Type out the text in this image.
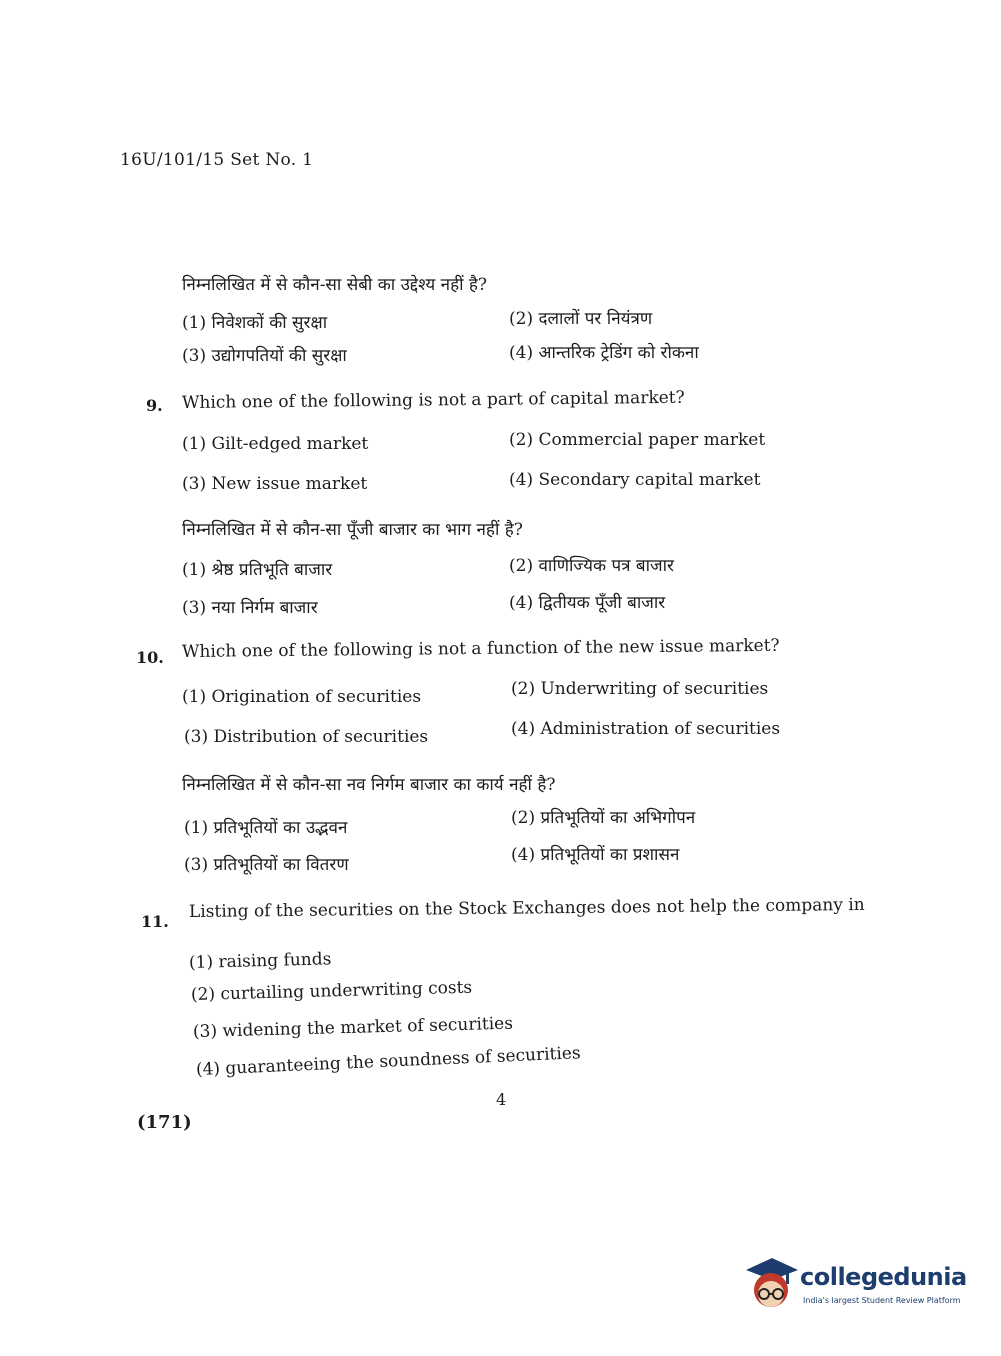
16U/101/15 Set No. 1
निम्नलिखित में से कौन-सा सेबी का उद्देश्य नहीं है?
(1) निवेशकों की सुरक्षा	(2) दलालों पर नियंत्रण
(3) उद्योगपतियों की सुरक्षा	(4) आन्तरिक ट्रेडिंग को रोकना
9. Which one of the following is not a part of capital market?
(1) Gilt-edged market	(2) Commercial paper market
(3) New issue market	(4) Secondary capital market
निम्नलिखित में से कौन-सा पूँजी बाजार का भाग नहीं है?
(1) श्रेष्ठ प्रतिभूति बाजार	(2) वाणिज्यिक पत्र बाजार
(3) नया निर्गम बाजार	(4) द्वितीयक पूँजी बाजार
10. Which one of the following is not a function of the new issue market?
(1) Origination of securities	(2) Underwriting of securities
(3) Distribution of securities	(4) Administration of securities
निम्नलिखित में से कौन-सा नव निर्गम बाजार का कार्य नहीं है?
(1) प्रतिभूतियों का उद्भवन	(2) प्रतिभूतियों का अभिगोपन
(3) प्रतिभूतियों का वितरण	(4) प्रतिभूतियों का प्रशासन
11. Listing of the securities on the Stock Exchanges does not help the company in
(1) raising funds
(2) curtailing underwriting costs
(3) widening the market of securities
(4) guaranteeing the soundness of securities
4
(171)
collegedunia
India's largest Student Review Platform
